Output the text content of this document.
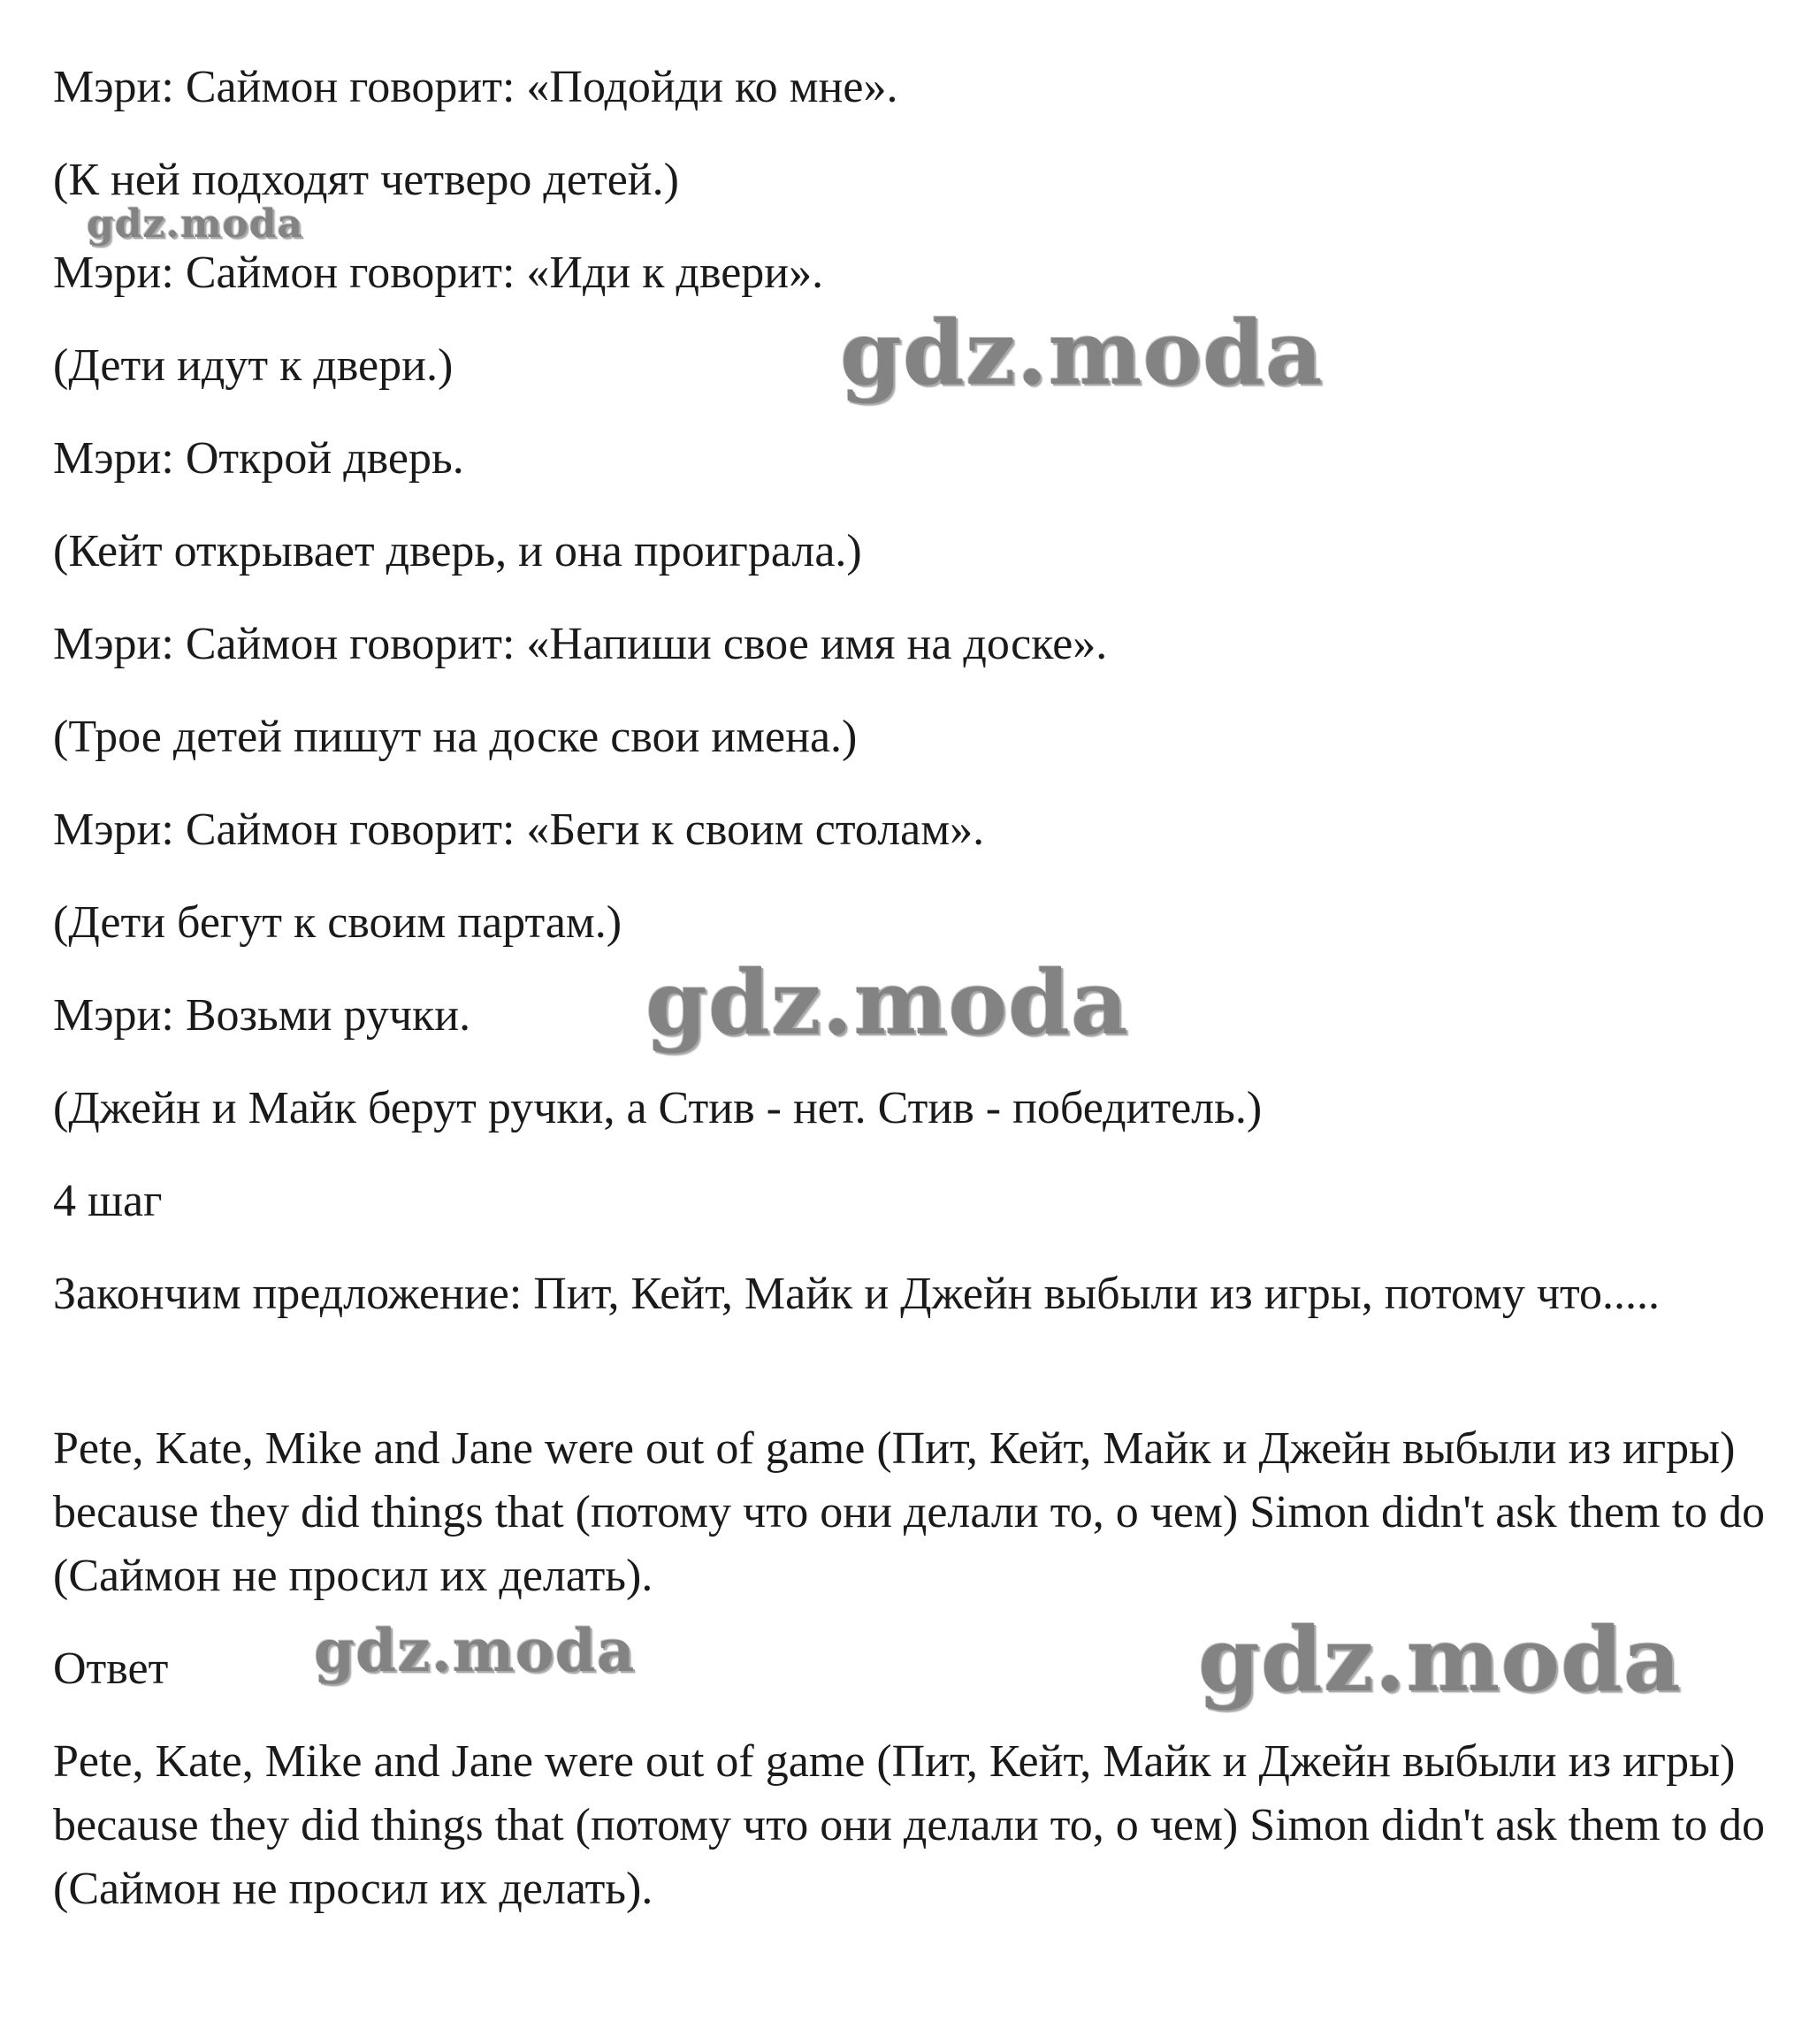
Мэри: Саймон говорит: «Подойди ко мне».

(К ней подходят четверо детей.)

Мэри: Саймон говорит: «Иди к двери».

(Дети идут к двери.)

Мэри: Открой дверь.

(Кейт открывает дверь, и она проиграла.)

Мэри: Саймон говорит: «Напиши свое имя на доске».

(Трое детей пишут на доске свои имена.)

Мэри: Саймон говорит: «Беги к своим столам».

(Дети бегут к своим партам.)

Мэри: Возьми ручки.

(Джейн и Майк берут ручки, а Стив - нет. Стив - победитель.)

4 шаг

Закончим предложение: Пит, Кейт, Майк и Джейн выбыли из игры, потому что.....

Pete, Kate, Mike and Jane were out of game (Пит, Кейт, Майк и Джейн выбыли из игры) because they did things that (потому что они делали то, о чем) Simon didn't ask them to do (Саймон не просил их делать).

Ответ

Pete, Kate, Mike and Jane were out of game (Пит, Кейт, Майк и Джейн выбыли из игры) because they did things that (потому что они делали то, о чем) Simon didn't ask them to do (Саймон не просил их делать).

gdz.moda
gdz.moda
gdz.moda
gdz.moda	gdz.moda
